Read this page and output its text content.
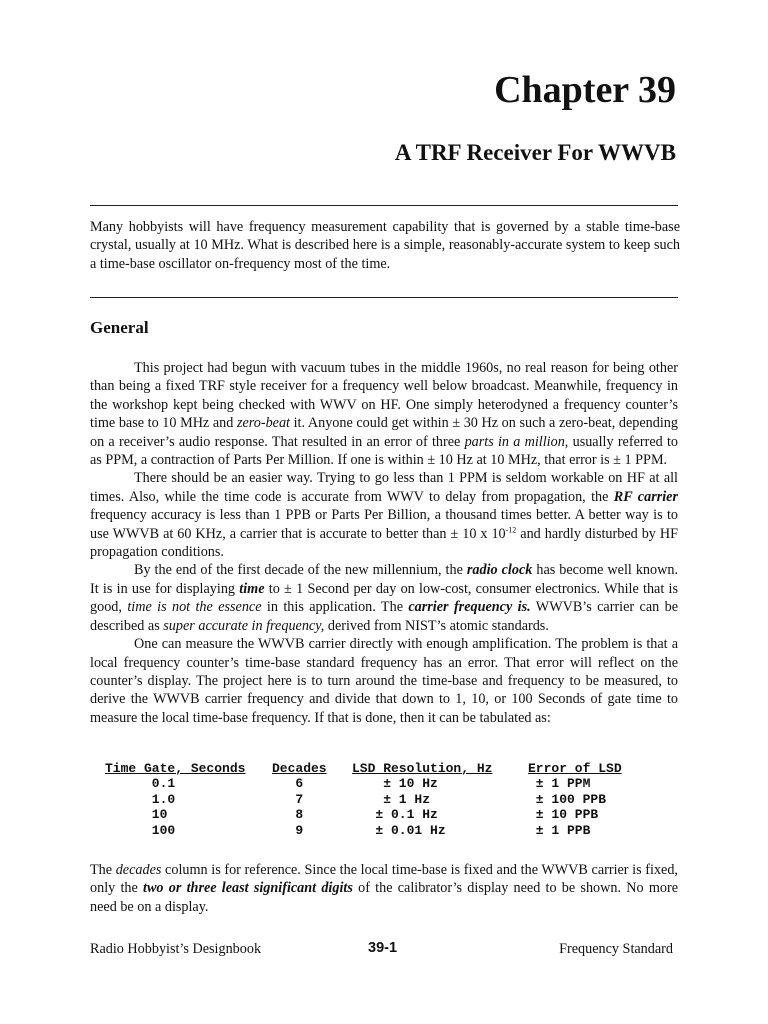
Chapter 39
A TRF Receiver For WWVB

Many hobbyists will have frequency measurement capability that is governed by a stable time-base crystal, usually at 10 MHz. What is described here is a simple, reasonably-accurate system to keep such a time-base oscillator on-frequency most of the time.

General

This project had begun with vacuum tubes in the middle 1960s, no real reason for being other than being a fixed TRF style receiver for a frequency well below broadcast. Meanwhile, frequency in the workshop kept being checked with WWV on HF. One simply heterodyned a frequency counter’s time base to 10 MHz and zero-beat it. Anyone could get within ± 30 Hz on such a zero-beat, depending on a receiver’s audio response. That resulted in an error of three parts in a million, usually referred to as PPM, a contraction of Parts Per Million. If one is within ± 10 Hz at 10 MHz, that error is ± 1 PPM.

There should be an easier way. Trying to go less than 1 PPM is seldom workable on HF at all times. Also, while the time code is accurate from WWV to delay from propagation, the RF carrier frequency accuracy is less than 1 PPB or Parts Per Billion, a thousand times better. A better way is to use WWVB at 60 KHz, a carrier that is accurate to better than ± 10 x $10^{-12}$ and hardly disturbed by HF propagation conditions.

By the end of the first decade of the new millennium, the radio clock has become well known. It is in use for displaying time to ± 1 Second per day on low-cost, consumer electronics. While that is good, time is not the essence in this application. The carrier frequency is. WWVB’s carrier can be described as super accurate in frequency, derived from NIST’s atomic standards.

One can measure the WWVB carrier directly with enough amplification. The problem is that a local frequency counter’s time-base standard frequency has an error. That error will reflect on the counter’s display. The project here is to turn around the time-base and frequency to be measured, to derive the WWVB carrier frequency and divide that down to 1, 10, or 100 Seconds of gate time to measure the local time-base frequency. If that is done, then it can be tabulated as:

Time Gate, Seconds	Decades	LSD Resolution, Hz	Error of LSD
0.1	6	± 10 Hz	± 1 PPM
1.0	7	± 1 Hz	± 100 PPB
10	8	± 0.1 Hz	± 10 PPB
100	9	± 0.01 Hz	± 1 PPB

The decades column is for reference. Since the local time-base is fixed and the WWVB carrier is fixed, only the two or three least significant digits of the calibrator’s display need to be shown. No more need be on a display.

Radio Hobbyist’s Designbook	39-1	Frequency Standard
